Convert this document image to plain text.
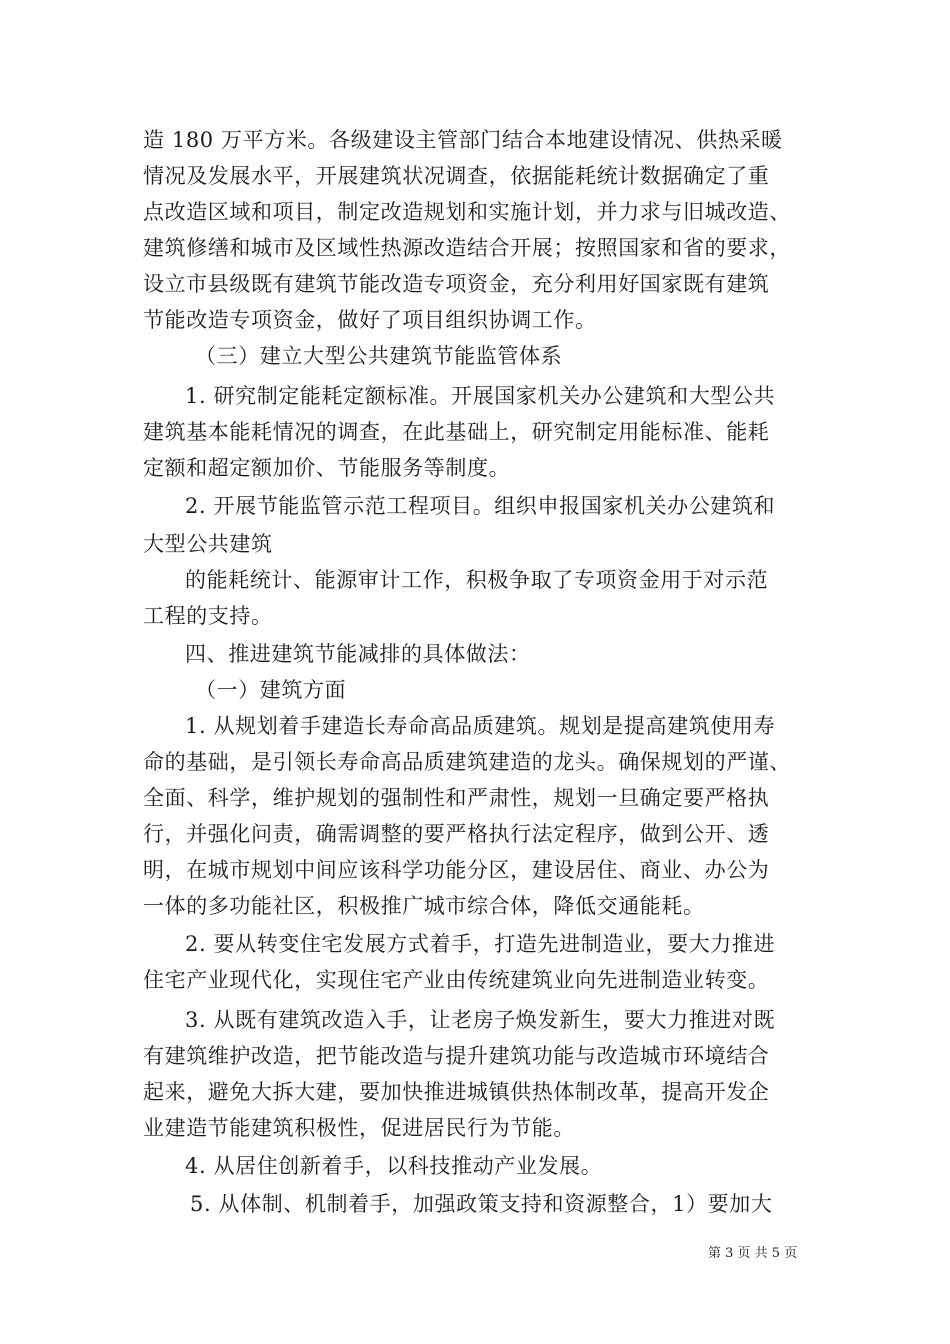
造 180 万平方米。各级建设主管部门结合本地建设情况、供热采暖
情况及发展水平，开展建筑状况调查，依据能耗统计数据确定了重
点改造区域和项目，制定改造规划和实施计划，并力求与旧城改造、
建筑修缮和城市及区域性热源改造结合开展；按照国家和省的要求，
设立市县级既有建筑节能改造专项资金，充分利用好国家既有建筑
节能改造专项资金，做好了项目组织协调工作。
（三）建立大型公共建筑节能监管体系
1. 研究制定能耗定额标准。开展国家机关办公建筑和大型公共
建筑基本能耗情况的调查，在此基础上，研究制定用能标准、能耗
定额和超定额加价、节能服务等制度。
2. 开展节能监管示范工程项目。组织申报国家机关办公建筑和
大型公共建筑
的能耗统计、能源审计工作，积极争取了专项资金用于对示范
工程的支持。
四、推进建筑节能减排的具体做法：
（一）建筑方面
1. 从规划着手建造长寿命高品质建筑。规划是提高建筑使用寿
命的基础，是引领长寿命高品质建筑建造的龙头。确保规划的严谨、
全面、科学，维护规划的强制性和严肃性，规划一旦确定要严格执
行，并强化问责，确需调整的要严格执行法定程序，做到公开、透
明，在城市规划中间应该科学功能分区，建设居住、商业、办公为
一体的多功能社区，积极推广城市综合体，降低交通能耗。
2. 要从转变住宅发展方式着手，打造先进制造业，要大力推进
住宅产业现代化，实现住宅产业由传统建筑业向先进制造业转变。
3. 从既有建筑改造入手，让老房子焕发新生，要大力推进对既
有建筑维护改造，把节能改造与提升建筑功能与改造城市环境结合
起来，避免大拆大建，要加快推进城镇供热体制改革，提高开发企
业建造节能建筑积极性，促进居民行为节能。
4. 从居住创新着手，以科技推动产业发展。
5. 从体制、机制着手，加强政策支持和资源整合，1）要加大
第 3 页 共 5 页
